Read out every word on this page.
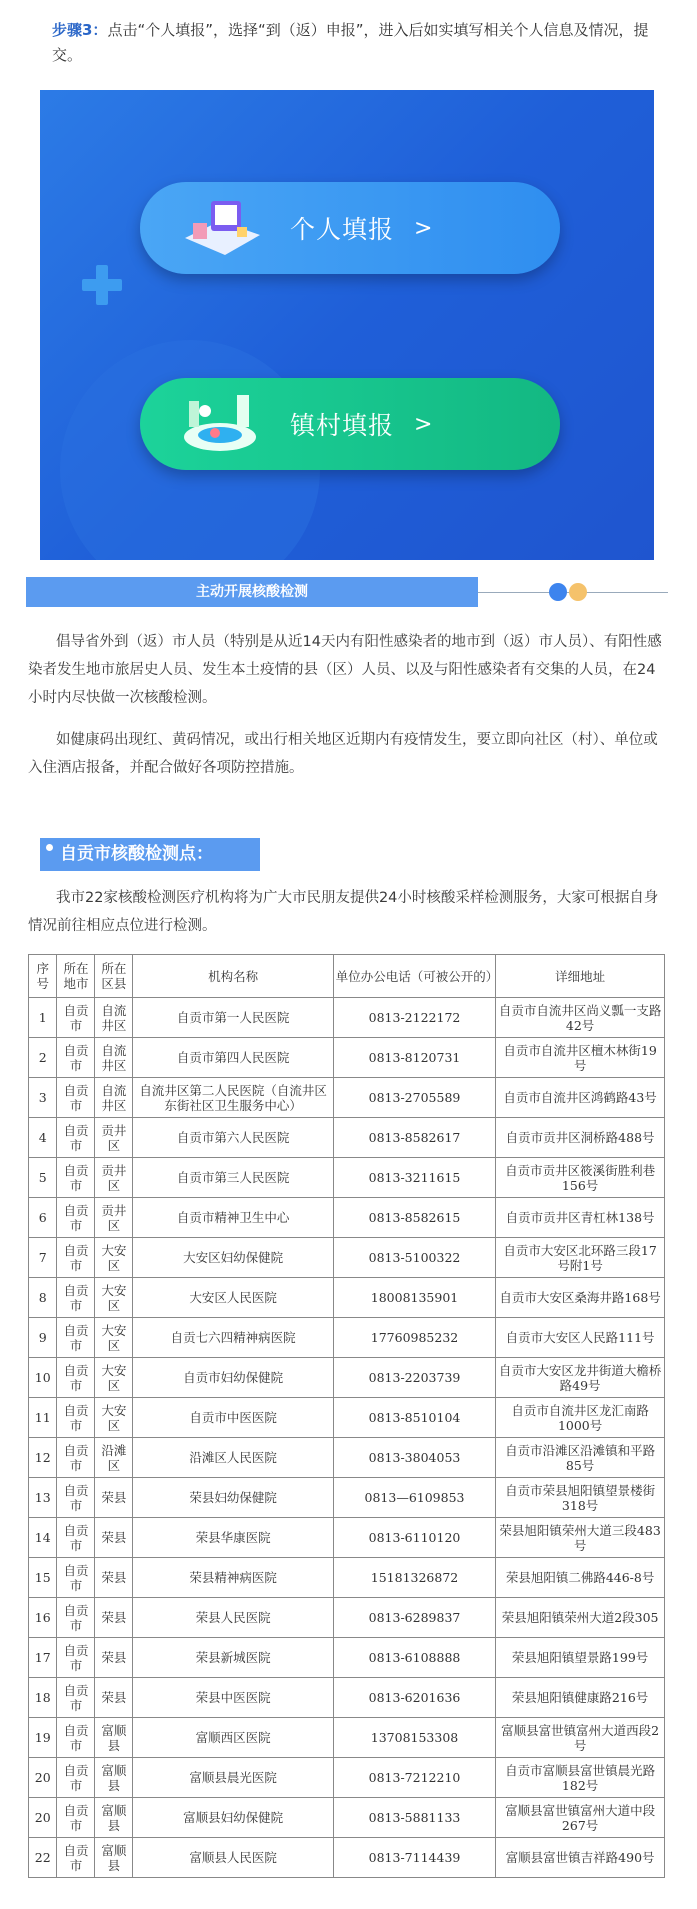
步骤3：点击“个人填报”，选择“到（返）申报”，进入后如实填写相关个人信息及情况，提交。
个人填报 >
镇村填报 >
主动开展核酸检测
倡导省外到（返）市人员（特别是从近14天内有阳性感染者的地市到（返）市人员）、有阳性感染者发生地市旅居史人员、发生本土疫情的县（区）人员、以及与阳性感染者有交集的人员，在24小时内尽快做一次核酸检测。
如健康码出现红、黄码情况，或出行相关地区近期内有疫情发生，要立即向社区（村）、单位或入住酒店报备，并配合做好各项防控措施。
自贡市核酸检测点：
我市22家核酸检测医疗机构将为广大市民朋友提供24小时核酸采样检测服务，大家可根据自身情况前往相应点位进行检测。
序号	所在地市	所在区县	机构名称	单位办公电话（可被公开的）	详细地址
1	自贡市	自流井区	自贡市第一人民医院	0813-2122172	自贡市自流井区尚义瓢一支路42号
2	自贡市	自流井区	自贡市第四人民医院	0813-8120731	自贡市自流井区檀木林街19号
3	自贡市	自流井区	自流井区第二人民医院（自流井区东街社区卫生服务中心）	0813-2705589	自贡市自流井区鸿鹤路43号
4	自贡市	贡井区	自贡市第六人民医院	0813-8582617	自贡市贡井区洞桥路488号
5	自贡市	贡井区	自贡市第三人民医院	0813-3211615	自贡市贡井区筱溪街胜利巷156号
6	自贡市	贡井区	自贡市精神卫生中心	0813-8582615	自贡市贡井区青杠林138号
7	自贡市	大安区	大安区妇幼保健院	0813-5100322	自贡市大安区北环路三段17号附1号
8	自贡市	大安区	大安区人民医院	18008135901	自贡市大安区桑海井路168号
9	自贡市	大安区	自贡七六四精神病医院	17760985232	自贡市大安区人民路111号
10	自贡市	大安区	自贡市妇幼保健院	0813-2203739	自贡市大安区龙井街道大檐桥路49号
11	自贡市	大安区	自贡市中医医院	0813-8510104	自贡市自流井区龙汇南路1000号
12	自贡市	沿滩区	沿滩区人民医院	0813-3804053	自贡市沿滩区沿滩镇和平路85号
13	自贡市	荣县	荣县妇幼保健院	0813—6109853	自贡市荣县旭阳镇望景楼街318号
14	自贡市	荣县	荣县华康医院	0813-6110120	荣县旭阳镇荣州大道三段483号
15	自贡市	荣县	荣县精神病医院	15181326872	荣县旭阳镇二佛路446-8号
16	自贡市	荣县	荣县人民医院	0813-6289837	荣县旭阳镇荣州大道2段305
17	自贡市	荣县	荣县新城医院	0813-6108888	荣县旭阳镇望景路199号
18	自贡市	荣县	荣县中医医院	0813-6201636	荣县旭阳镇健康路216号
19	自贡市	富顺县	富顺西区医院	13708153308	富顺县富世镇富州大道西段2号
20	自贡市	富顺县	富顺县晨光医院	0813-7212210	自贡市富顺县富世镇晨光路182号
20	自贡市	富顺县	富顺县妇幼保健院	0813-5881133	富顺县富世镇富州大道中段267号
22	自贡市	富顺县	富顺县人民医院	0813-7114439	富顺县富世镇吉祥路490号
